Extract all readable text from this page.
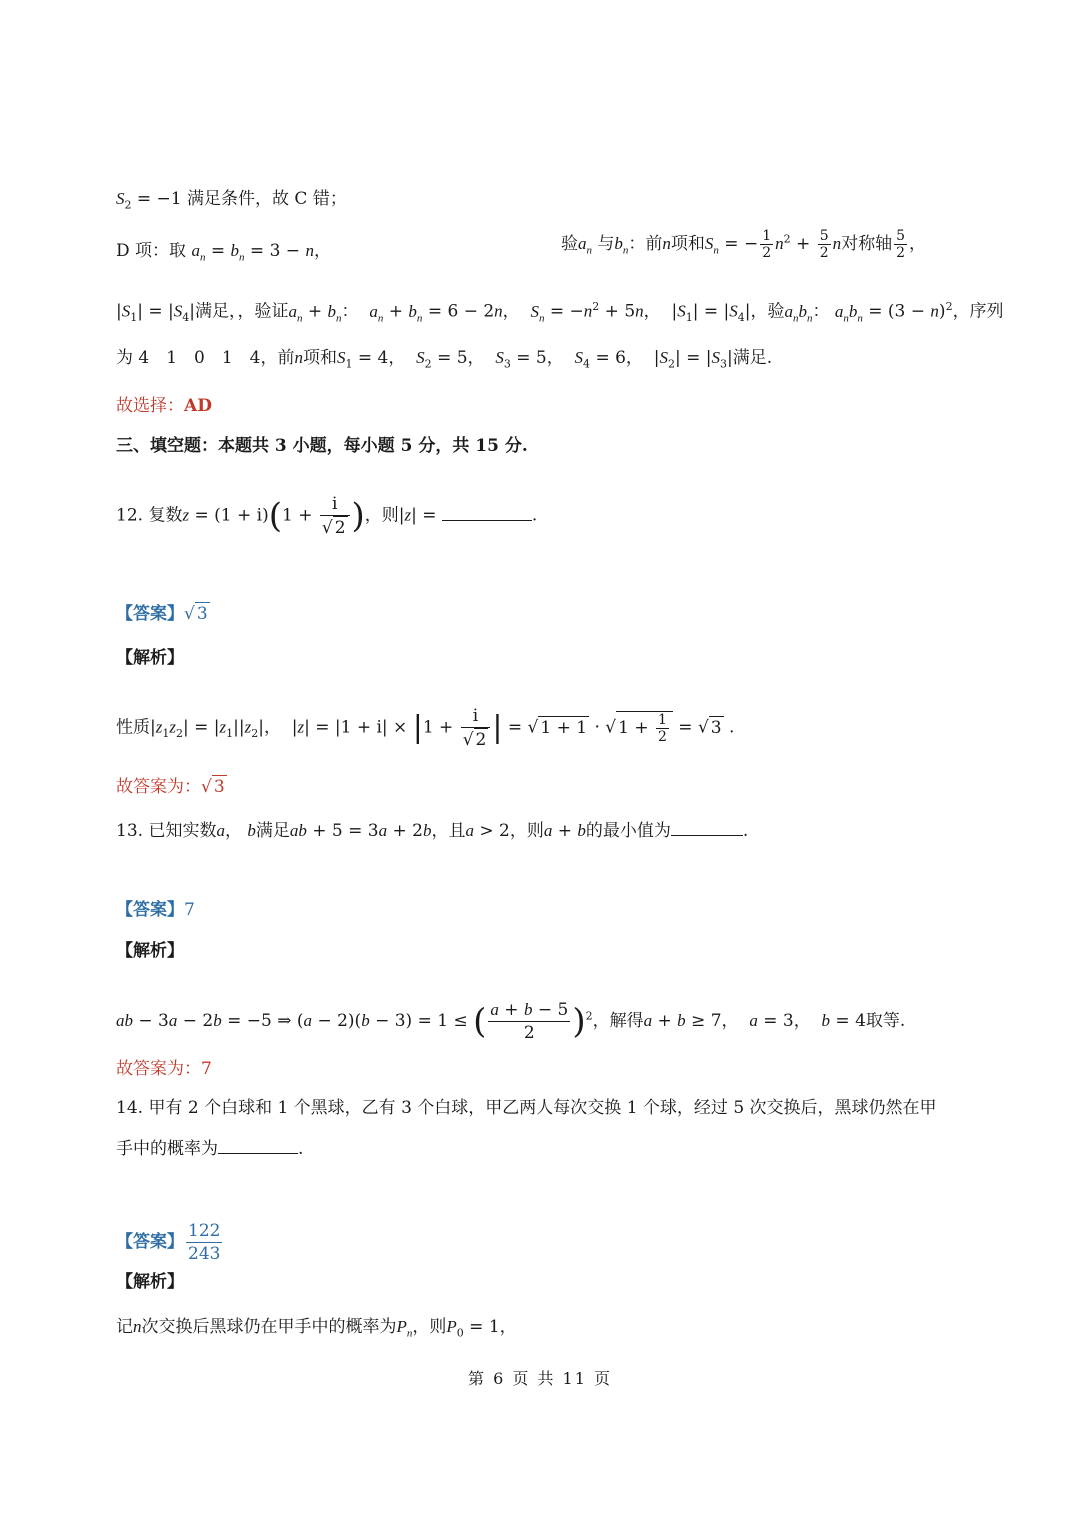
$S_2 = -1$ 满足条件，故 C 错；
D 项：取 $a_n = b_n = 3 - n$，	验$a_n$ 与$b_n$：前n项和$S_n$ = − $\frac{1}{2} n^2 + \frac{5}{2}$ n对称轴 $\frac{5}{2}$ ，
$|S_1| = |S_4|$满足，，验证$a_n + b_n$：  $a_n + b_n = 6 - 2n$，  $S_n = -n^2 + 5n$，  $|S_1| = |S_4|$，验$a_nb_n$： $a_nb_n = (3 - n)^2$，序列
为 4　1　0　1　4，前n项和$S_1 = 4$，  $S_2 = 5$，  $S_3 = 5$，  $S_4 = 6$，  $|S_2| = |S_3|$满足.
故选择：AD
三、填空题：本题共 3 小题，每小题 5 分，共 15 分.
12. 复数$z = (1 + i)(1 + \frac{i}{√ 2}$ )，则|z| =	.
【答案】√ 3
【解析】
性质$|z_1z_2| = |z_1||z_2|$，  $|z| = |1 + i| \times |1 + \frac{i}{√ 2}$ | = √ 1 + 1 · √ $1 + \frac{1}{2}$ = √ 3 .
故答案为：√ 3
13. 已知实数a， b满足ab + 5 = 3a + 2b，且a > 2，则a + b的最小值为	.
【答案】7
【解析】
ab − 3a − 2b = −5 ⇒ (a − 2)(b − 3) = 1 ≤ ( $\frac{a + b - 5}{2} )^2$，解得a + b ≥ 7，  a = 3，  b = 4取等.
故答案为：7
14. 甲有 2 个白球和 1 个黑球，乙有 3 个白球，甲乙两人每次交换 1 个球，经过 5 次交换后，黑球仍然在甲
手中的概率为	.
【答案】 $\frac{122}{243}$
【解析】
记n次交换后黑球仍在甲手中的概率为$P_n$，则$P_0 = 1$，
第 6 页 共 11 页
